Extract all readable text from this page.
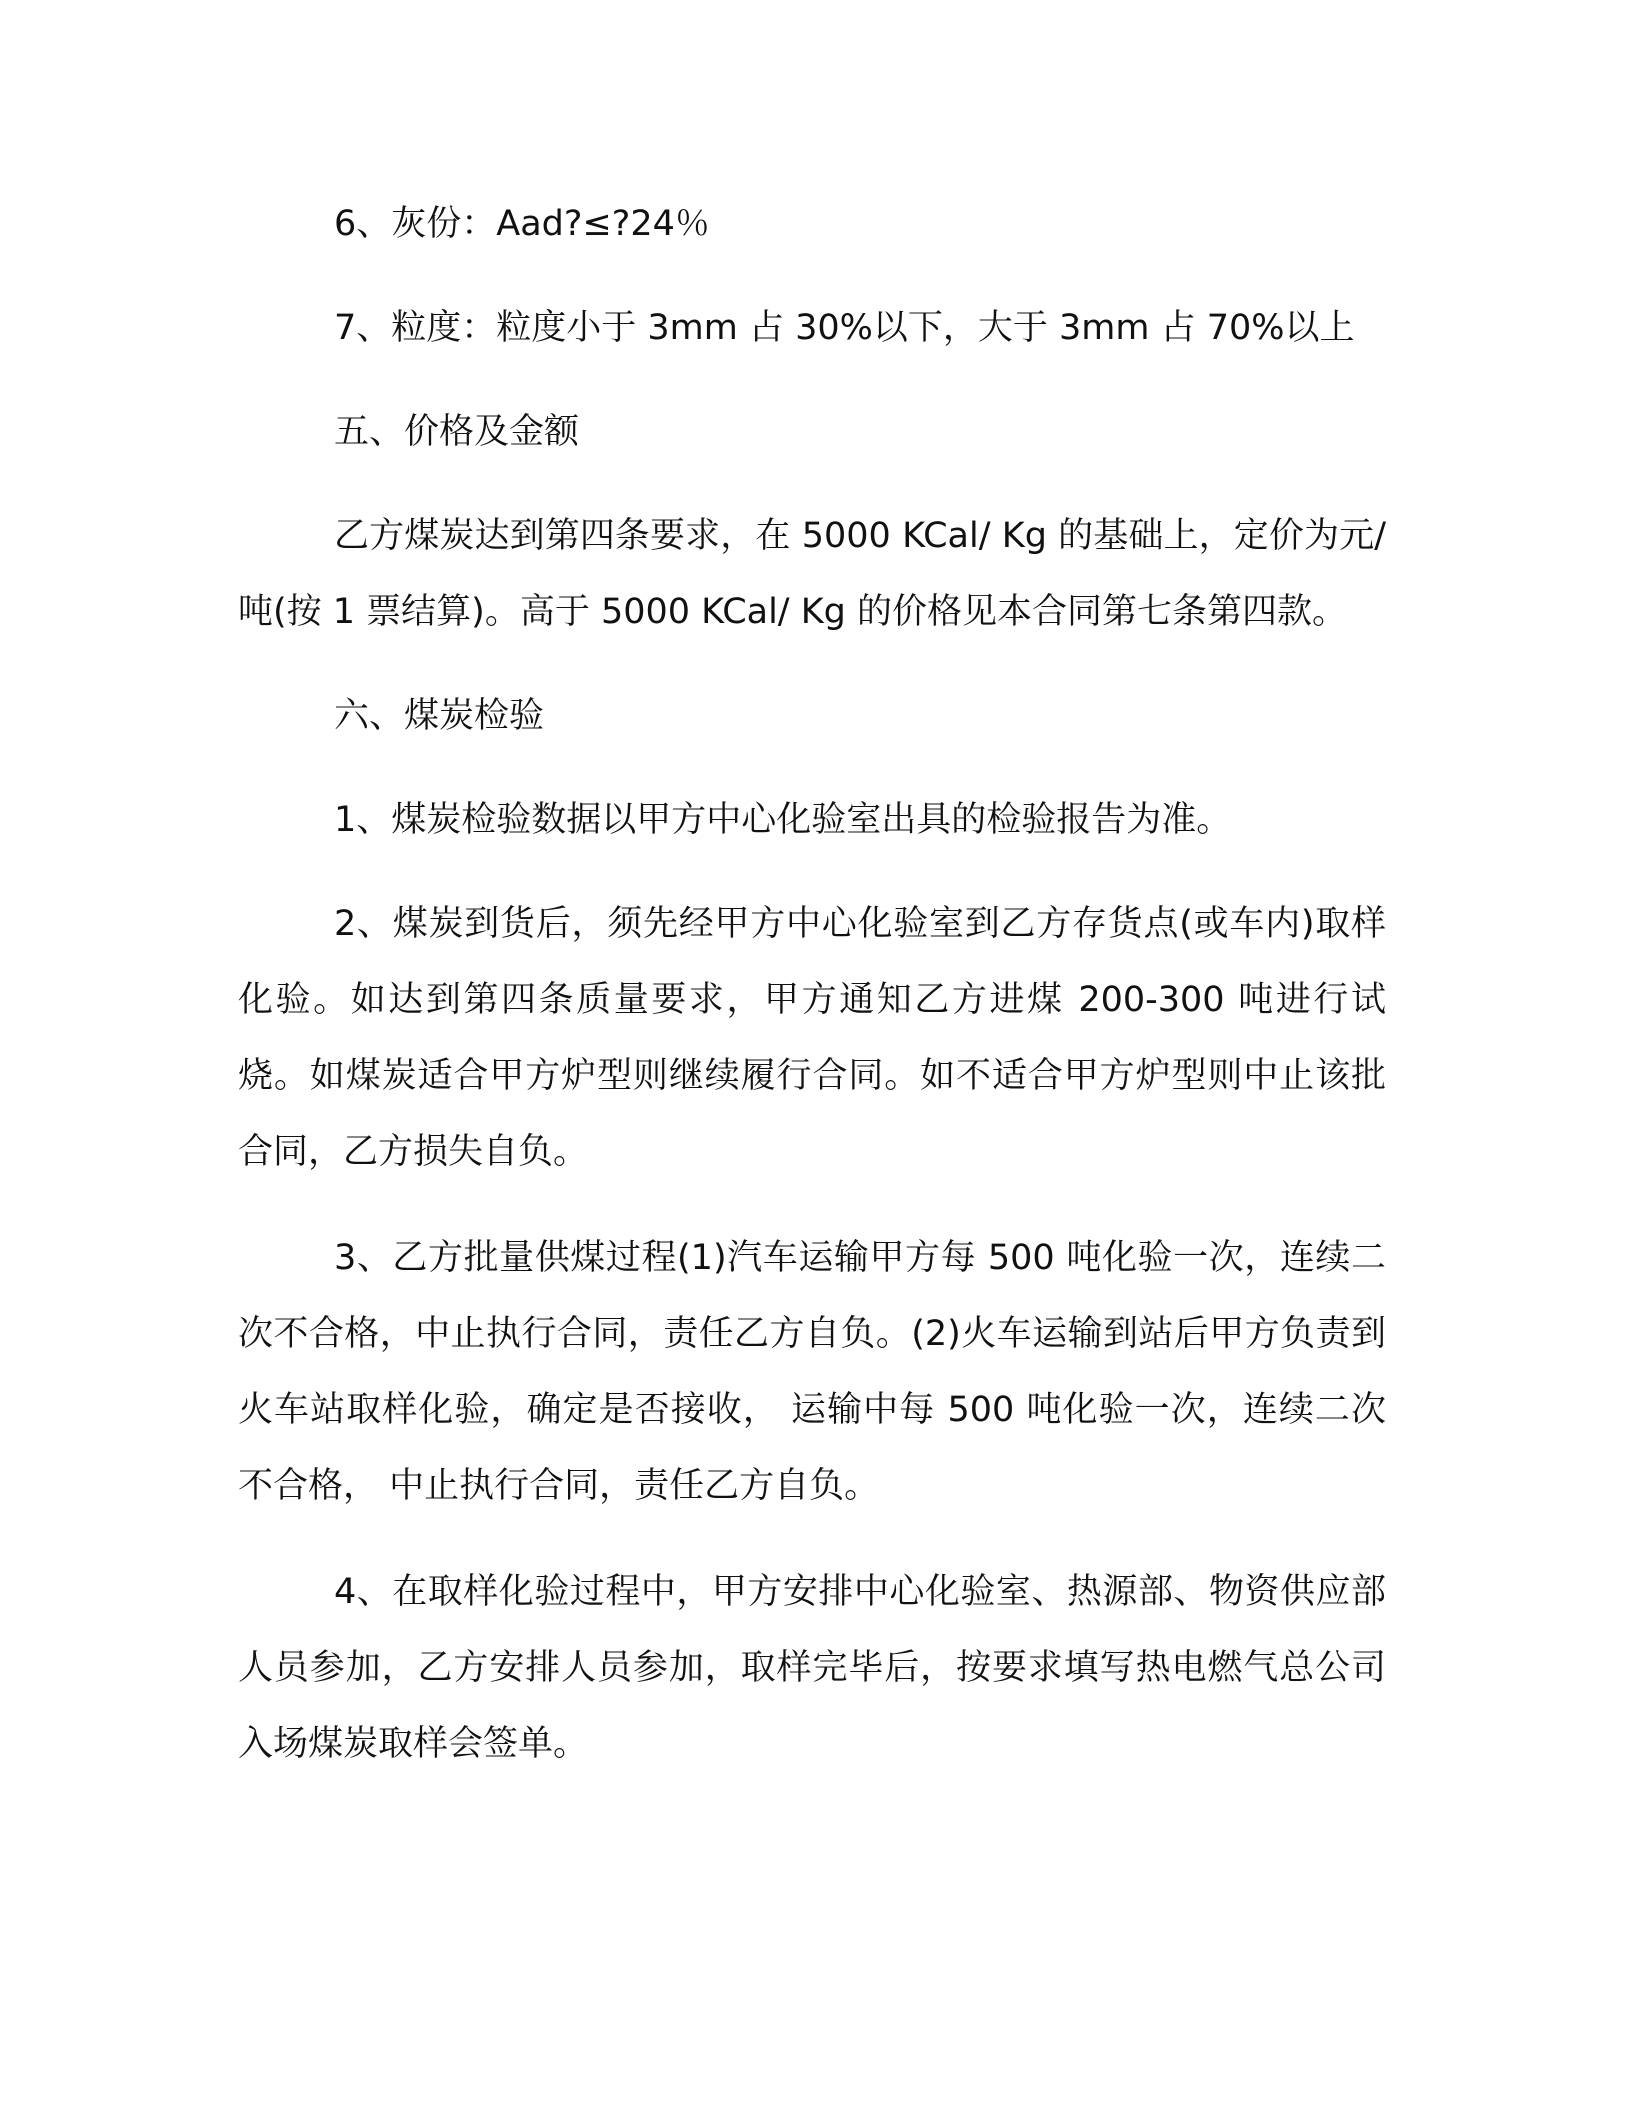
6、灰份：Aad?≤?24％

7、粒度：粒度小于 3mm 占 30%以下，大于 3mm 占 70%以上

五、价格及金额

乙方煤炭达到第四条要求，在 5000 KCal/ Kg 的基础上，定价为元/吨(按 1 票结算)。高于 5000 KCal/ Kg 的价格见本合同第七条第四款。

六、煤炭检验

1、煤炭检验数据以甲方中心化验室出具的检验报告为准。

2、煤炭到货后，须先经甲方中心化验室到乙方存货点(或车内)取样化验。如达到第四条质量要求，甲方通知乙方进煤 200-300 吨进行试烧。如煤炭适合甲方炉型则继续履行合同。如不适合甲方炉型则中止该批合同，乙方损失自负。

3、乙方批量供煤过程(1)汽车运输甲方每 500 吨化验一次，连续二次不合格，中止执行合同，责任乙方自负。(2)火车运输到站后甲方负责到火车站取样化验，确定是否接收， 运输中每 500 吨化验一次，连续二次不合格， 中止执行合同，责任乙方自负。

4、在取样化验过程中，甲方安排中心化验室、热源部、物资供应部人员参加，乙方安排人员参加，取样完毕后，按要求填写热电燃气总公司入场煤炭取样会签单。
